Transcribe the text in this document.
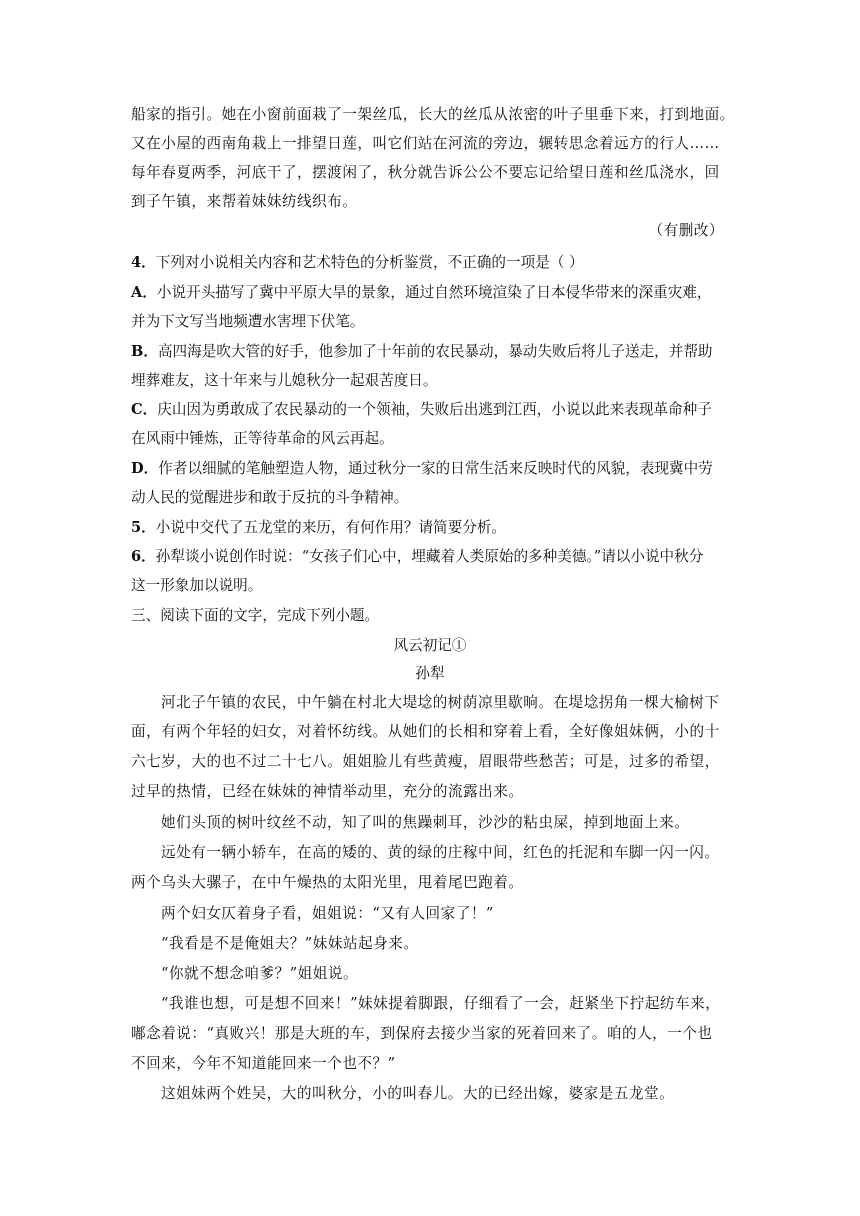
船家的指引。她在小窗前面栽了一架丝瓜，长大的丝瓜从浓密的叶子里垂下来，打到地面。
又在小屋的西南角栽上一排望日莲，叫它们站在河流的旁边，辗转思念着远方的行人……
每年春夏两季，河底干了，摆渡闲了，秋分就告诉公公不要忘记给望日莲和丝瓜浇水，回
到子午镇，来帮着妹妹纺线织布。
（有删改）
4．下列对小说相关内容和艺术特色的分析鉴赏，不正确的一项是（ ）
A．小说开头描写了冀中平原大旱的景象，通过自然环境渲染了日本侵华带来的深重灾难，
并为下文写当地频遭水害埋下伏笔。
B．高四海是吹大管的好手，他参加了十年前的农民暴动，暴动失败后将儿子送走，并帮助
埋葬难友，这十年来与儿媳秋分一起艰苦度日。
C．庆山因为勇敢成了农民暴动的一个领袖，失败后出逃到江西，小说以此来表现革命种子
在风雨中锤炼，正等待革命的风云再起。
D．作者以细腻的笔触塑造人物，通过秋分一家的日常生活来反映时代的风貌，表现冀中劳
动人民的觉醒进步和敢于反抗的斗争精神。
5．小说中交代了五龙堂的来历，有何作用？请简要分析。
6．孙犁谈小说创作时说：“女孩子们心中，埋藏着人类原始的多种美德。”请以小说中秋分
这一形象加以说明。
三、阅读下面的文字，完成下列小题。
风云初记①
孙犁
河北子午镇的农民，中午躺在村北大堤埝的树荫凉里歇晌。在堤埝拐角一棵大榆树下
面，有两个年轻的妇女，对着怀纺线。从她们的长相和穿着上看，全好像姐妹俩，小的十
六七岁，大的也不过二十七八。姐姐脸儿有些黄瘦，眉眼带些愁苦；可是，过多的希望，
过早的热情，已经在妹妹的神情举动里，充分的流露出来。
她们头顶的树叶纹丝不动，知了叫的焦躁刺耳，沙沙的粘虫屎，掉到地面上来。
远处有一辆小轿车，在高的矮的、黄的绿的庄稼中间，红色的托泥和车脚一闪一闪。
两个乌头大骡子，在中午燥热的太阳光里，甩着尾巴跑着。
两个妇女仄着身子看，姐姐说：“又有人回家了！”
“我看是不是俺姐夫？”妹妹站起身来。
“你就不想念咱爹？”姐姐说。
“我谁也想，可是想不回来！”妹妹提着脚跟，仔细看了一会，赶紧坐下拧起纺车来，
嘟念着说：“真败兴！那是大班的车，到保府去接少当家的死着回来了。咱的人，一个也
不回来，今年不知道能回来一个也不？”
这姐妹两个姓吴，大的叫秋分，小的叫春儿。大的已经出嫁，婆家是五龙堂。
